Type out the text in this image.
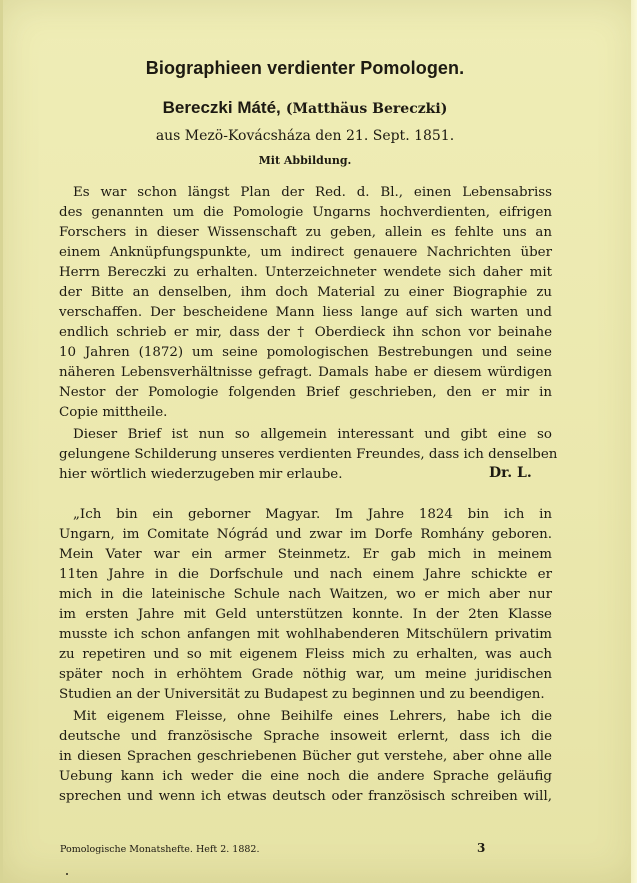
Biographieen verdienter Pomologen.
Bereczki Máté, (Matthäus Bereczki)
aus Mezö-Kovácsháza den 21. Sept. 1851.
Mit Abbildung.
Es war schon längst Plan der Red. d. Bl., einen Lebensabriss
des genannten um die Pomologie Ungarns hochverdienten, eifrigen
Forschers in dieser Wissenschaft zu geben, allein es fehlte uns an
einem Anknüpfungspunkte, um indirect genauere Nachrichten über
Herrn Bereczki zu erhalten. Unterzeichneter wendete sich daher mit
der Bitte an denselben, ihm doch Material zu einer Biographie zu
verschaffen. Der bescheidene Mann liess lange auf sich warten und
endlich schrieb er mir, dass der † Oberdieck ihn schon vor beinahe
10 Jahren (1872) um seine pomologischen Bestrebungen und seine
näheren Lebensverhältnisse gefragt. Damals habe er diesem würdigen
Nestor der Pomologie folgenden Brief geschrieben, den er mir in
Copie mittheile.
Dieser Brief ist nun so allgemein interessant und gibt eine so
gelungene Schilderung unseres verdienten Freundes, dass ich denselben
hier wörtlich wiederzugeben mir erlaube.	Dr. L.
„Ich bin ein geborner Magyar. Im Jahre 1824 bin ich in
Ungarn, im Comitate Nógrád und zwar im Dorfe Romhány geboren.
Mein Vater war ein armer Steinmetz. Er gab mich in meinem
11ten Jahre in die Dorfschule und nach einem Jahre schickte er
mich in die lateinische Schule nach Waitzen, wo er mich aber nur
im ersten Jahre mit Geld unterstützen konnte. In der 2ten Klasse
musste ich schon anfangen mit wohlhabenderen Mitschülern privatim
zu repetiren und so mit eigenem Fleiss mich zu erhalten, was auch
später noch in erhöhtem Grade nöthig war, um meine juridischen
Studien an der Universität zu Budapest zu beginnen und zu beendigen.
Mit eigenem Fleisse, ohne Beihilfe eines Lehrers, habe ich die
deutsche und französische Sprache insoweit erlernt, dass ich die
in diesen Sprachen geschriebenen Bücher gut verstehe, aber ohne alle
Uebung kann ich weder die eine noch die andere Sprache geläufig
sprechen und wenn ich etwas deutsch oder französisch schreiben will,
Pomologische Monatshefte. Heft 2. 1882.	3
